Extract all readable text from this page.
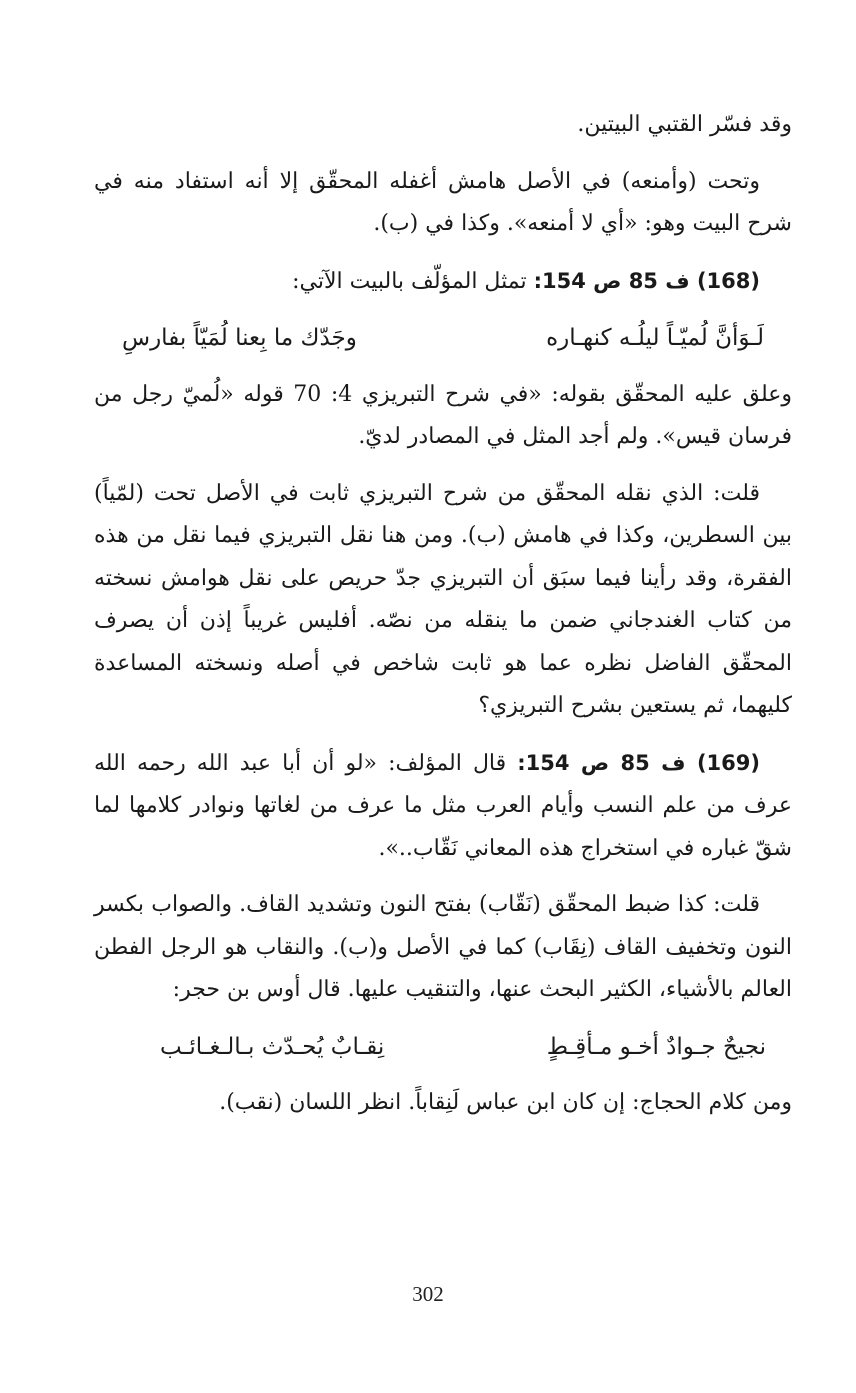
وقد فسّر القتبي البيتين.

وتحت (وأمنعه) في الأصل هامش أغفله المحقّق إلا أنه استفاد منه في شرح البيت وهو: «أي لا أمنعه». وكذا في (ب).

(168) ف 85 ص 154: تمثل المؤلّف بالبيت الآتي:

لَـوَأنَّ لُميّـاً ليلُـه كنهـاره
وجَدّك ما بِعنا لُمَيّاً بفارسِ

وعلق عليه المحقّق بقوله: «في شرح التبريزي 4: 70 قوله «لُميّ رجل من فرسان قيس». ولم أجد المثل في المصادر لديّ.

قلت: الذي نقله المحقّق من شرح التبريزي ثابت في الأصل تحت (لمّياً) بين السطرين، وكذا في هامش (ب). ومن هنا نقل التبريزي فيما نقل من هذه الفقرة، وقد رأينا فيما سبَق أن التبريزي جدّ حريص على نقل هوامش نسخته من كتاب الغندجاني ضمن ما ينقله من نصّه. أفليس غريباً إذن أن يصرف المحقّق الفاضل نظره عما هو ثابت شاخص في أصله ونسخته المساعدة كليهما، ثم يستعين بشرح التبريزي؟

(169) ف 85 ص 154: قال المؤلف: «لو أن أبا عبد الله رحمه الله عرف من علم النسب وأيام العرب مثل ما عرف من لغاتها ونوادر كلامها لما شقّ غباره في استخراج هذه المعاني نَقّاب..».

قلت: كذا ضبط المحقّق (نَقّاب) بفتح النون وتشديد القاف. والصواب بكسر النون وتخفيف القاف (نِقَاب) كما في الأصل و(ب). والنقاب هو الرجل الفطن العالم بالأشياء، الكثير البحث عنها، والتنقيب عليها. قال أوس بن حجر:

نجيحٌ جـوادٌ أخـو مـأقِـطٍ
نِقـابٌ يُحـدّث بـالـغـائـب

ومن كلام الحجاج: إن كان ابن عباس لَنِقاباً. انظر اللسان (نقب).

302
